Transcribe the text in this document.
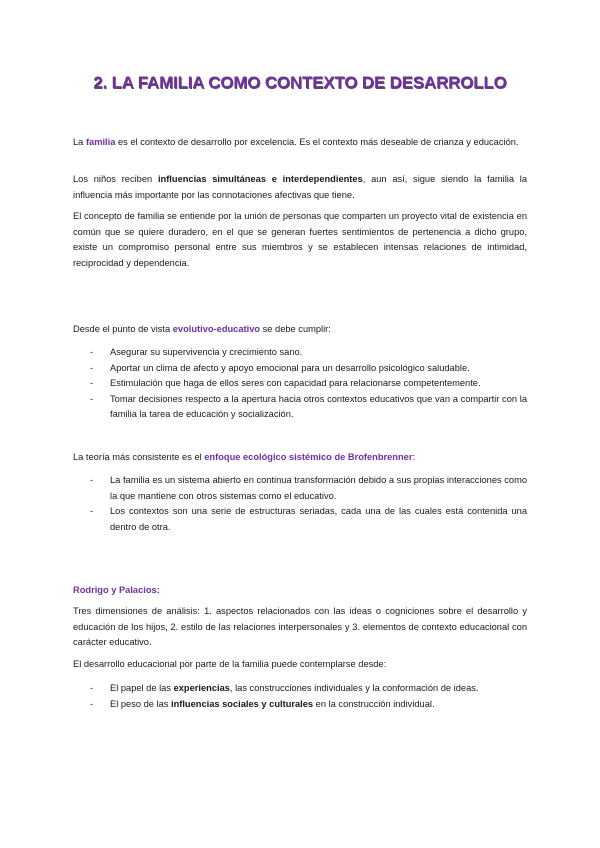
2. LA FAMILIA COMO CONTEXTO DE DESARROLLO

La familia es el contexto de desarrollo por excelencia. Es el contexto más deseable de crianza y educación.

Los niños reciben influencias simultáneas e interdependientes, aun así, sigue siendo la familia la influencia más importante por las connotaciones afectivas que tiene.

El concepto de familia se entiende por la unión de personas que comparten un proyecto vital de existencia en común que se quiere duradero, en el que se generan fuertes sentimientos de pertenencia a dicho grupo, existe un compromiso personal entre sus miembros y se establecen intensas relaciones de intimidad, reciprocidad y dependencia.

Desde el punto de vista evolutivo-educativo se debe cumplir:

- Asegurar su supervivencia y crecimiento sano.
- Aportar un clima de afecto y apoyo emocional para un desarrollo psicológico saludable.
- Estimulación que haga de ellos seres con capacidad para relacionarse competentemente.
- Tomar decisiones respecto a la apertura hacia otros contextos educativos que van a compartir con la familia la tarea de educación y socialización.

La teoría más consistente es el enfoque ecológico sistémico de Brofenbrenner:

- La familia es un sistema abierto en continua transformación debido a sus propias interacciones como la que mantiene con otros sistemas como el educativo.
- Los contextos son una serie de estructuras seriadas, cada una de las cuales está contenida una dentro de otra.

Rodrigo y Palacios:

Tres dimensiones de análisis: 1. aspectos relacionados con las ideas o cogniciones sobre el desarrollo y educación de los hijos, 2. estilo de las relaciones interpersonales y 3. elementos de contexto educacional con carácter educativo.

El desarrollo educacional por parte de la familia puede contemplarse desde:

- El papel de las experiencias, las construcciones individuales y la conformación de ideas.
- El peso de las influencias sociales y culturales en la construcción individual.
